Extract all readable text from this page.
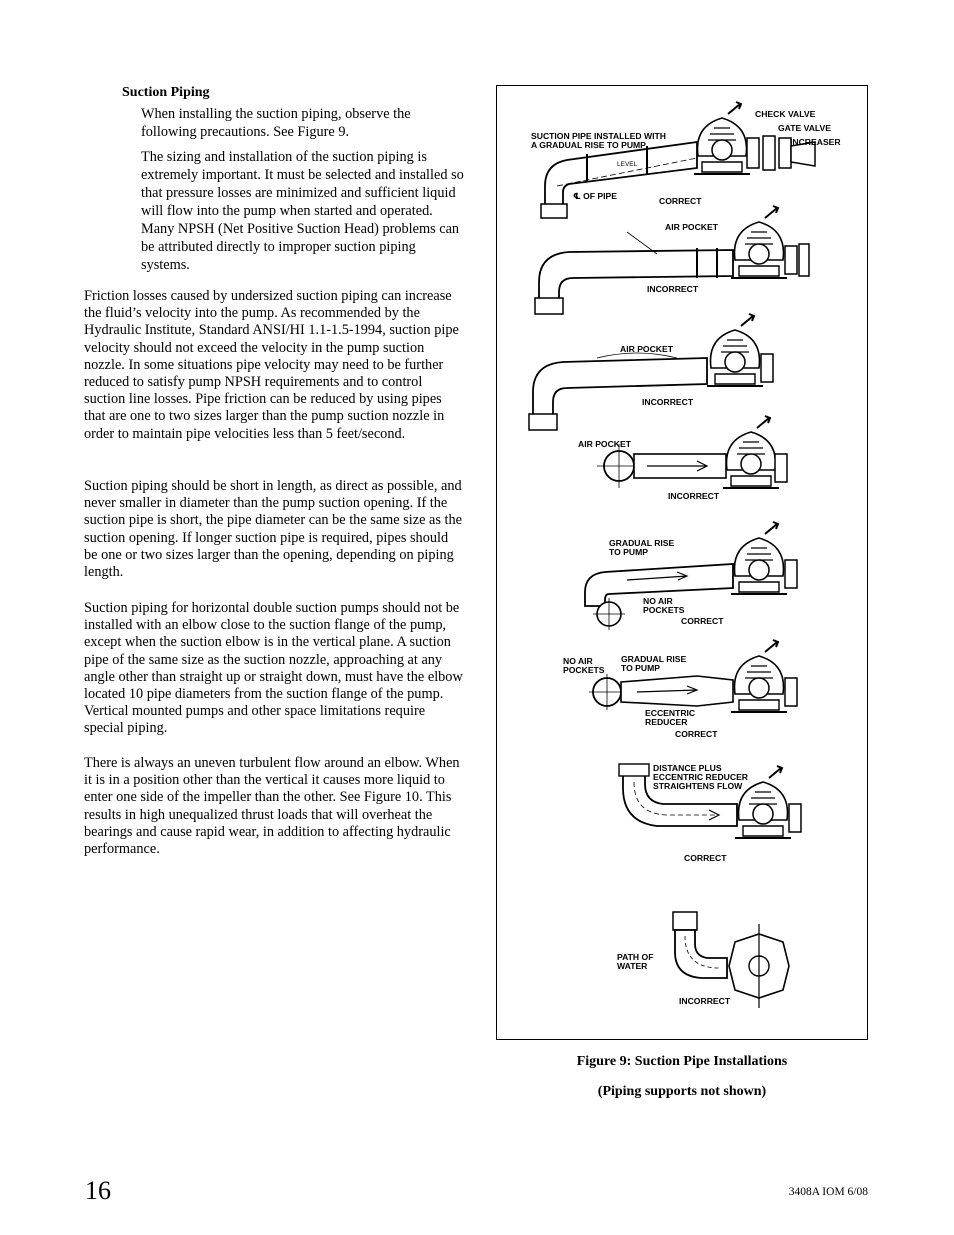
Suction Piping
When installing the suction piping, observe the following precautions. See Figure 9.
The sizing and installation of the suction piping is extremely important. It must be selected and installed so that pressure losses are minimized and sufficient liquid will flow into the pump when started and operated. Many NPSH (Net Positive Suction Head) problems can be attributed directly to improper suction piping systems.
Friction losses caused by undersized suction piping can increase the fluid’s velocity into the pump. As recommended by the Hydraulic Institute, Standard ANSI/HI 1.1-1.5-1994, suction pipe velocity should not exceed the velocity in the pump suction nozzle. In some situations pipe velocity may need to be further reduced to satisfy pump NPSH requirements and to control suction line losses. Pipe friction can be reduced by using pipes that are one to two sizes larger than the pump suction nozzle in order to maintain pipe velocities less than 5 feet/second.
Suction piping should be short in length, as direct as possible, and never smaller in diameter than the pump suction opening. If the suction pipe is short, the pipe diameter can be the same size as the suction opening. If longer suction pipe is required, pipes should be one or two sizes larger than the opening, depending on piping length.
Suction piping for horizontal double suction pumps should not be installed with an elbow close to the suction flange of the pump, except when the suction elbow is in the vertical plane. A suction pipe of the same size as the suction nozzle, approaching at any angle other than straight up or straight down, must have the elbow located 10 pipe diameters from the suction flange of the pump. Vertical mounted pumps and other space limitations require special piping.
There is always an uneven turbulent flow around an elbow. When it is in a position other than the vertical it causes more liquid to enter one side of the impeller than the other. See Figure 10. This results in high unequalized thrust loads that will overheat the bearings and cause rapid wear, in addition to affecting hydraulic performance.
SUCTION PIPE INSTALLED WITH
A GRADUAL RISE TO PUMP
LEVEL
℄ OF PIPE
CHECK VALVE
GATE VALVE
INCREASER
CORRECT
AIR POCKET
INCORRECT
AIR POCKET
INCORRECT
AIR POCKET
INCORRECT
GRADUAL RISE
TO PUMP
NO AIR
POCKETS
CORRECT
NO AIR
POCKETS
GRADUAL RISE
TO PUMP
ECCENTRIC
REDUCER
CORRECT
DISTANCE PLUS
ECCENTRIC REDUCER
STRAIGHTENS FLOW
CORRECT
PATH OF
WATER
INCORRECT
Figure 9: Suction Pipe Installations
(Piping supports not shown)
16	3408A IOM 6/08
